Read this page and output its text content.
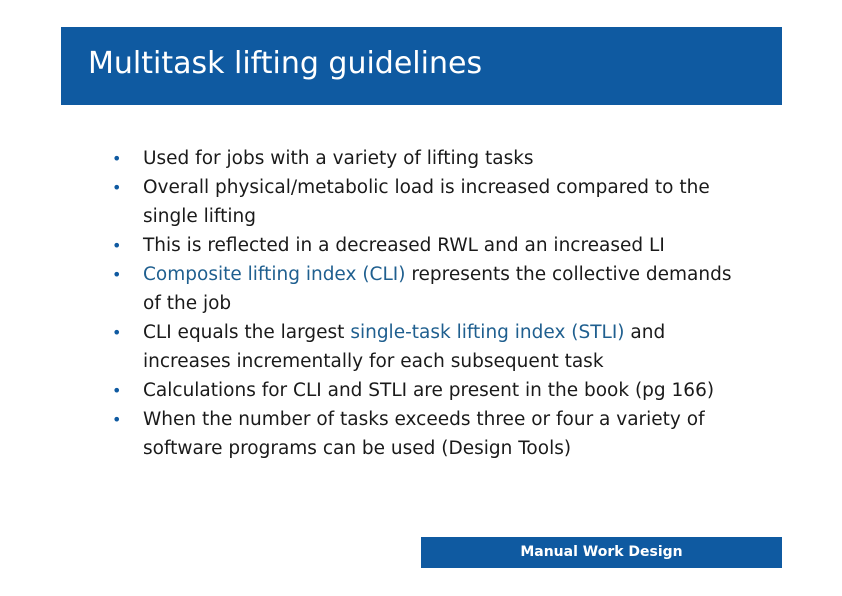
Multitask lifting guidelines
• Used for jobs with a variety of lifting tasks
• Overall physical/metabolic load is increased compared to the single lifting
• This is reflected in a decreased RWL and an increased LI
• Composite lifting index (CLI) represents the collective demands of the job
• CLI equals the largest single-task lifting index (STLI) and increases incrementally for each subsequent task
• Calculations for CLI and STLI are present in the book (pg 166)
• When the number of tasks exceeds three or four a variety of software programs can be used (Design Tools)
Manual Work Design
